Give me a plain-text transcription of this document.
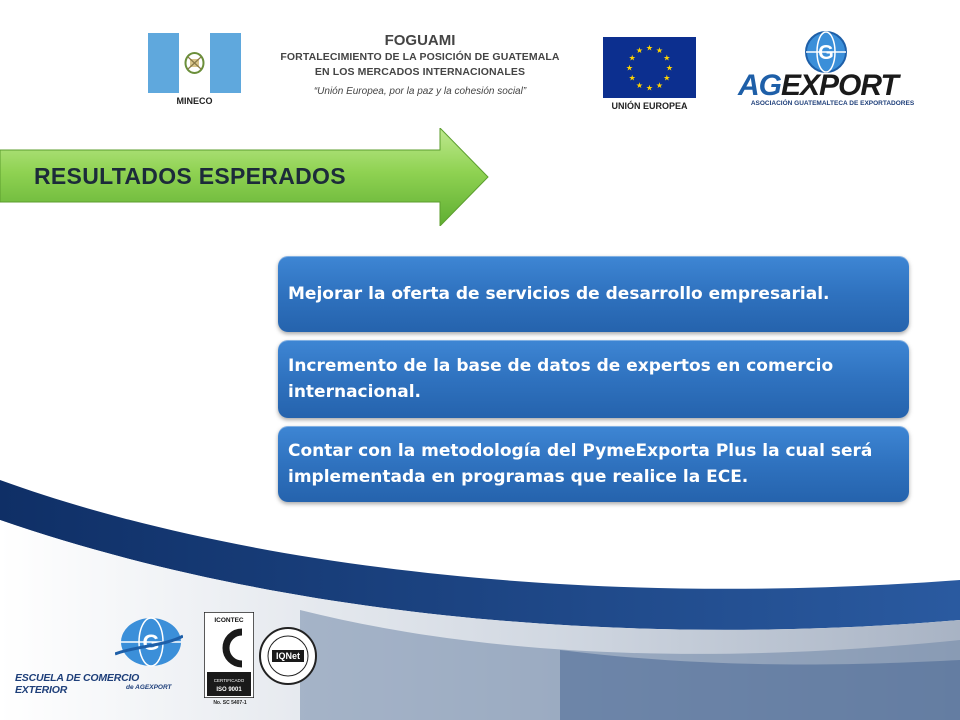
MINECO
FOGUAMI
FORTALECIMIENTO DE LA POSICIÓN DE GUATEMALA
EN LOS MERCADOS INTERNACIONALES
“Unión Europea, por la paz y la cohesión social”
★
★
★
★
★
★
★
★
★ ★ ★
★
UNIÓN EUROPEA
G
AGEXPORT
ASOCIACIÓN GUATEMALTECA DE EXPORTADORES
RESULTADOS ESPERADOS
Mejorar la oferta de servicios de desarrollo empresarial.
Incremento de la base de datos de expertos en comercio internacional.
Contar con la metodología del PymeExporta Plus la cual será implementada en programas que realice la ECE.
G
ESCUELA DE COMERCIO EXTERIOR	de AGEXPORT
ICONTEC
CERTIFICADO
ISO 9001
No. SC 5407-1
IQNet
